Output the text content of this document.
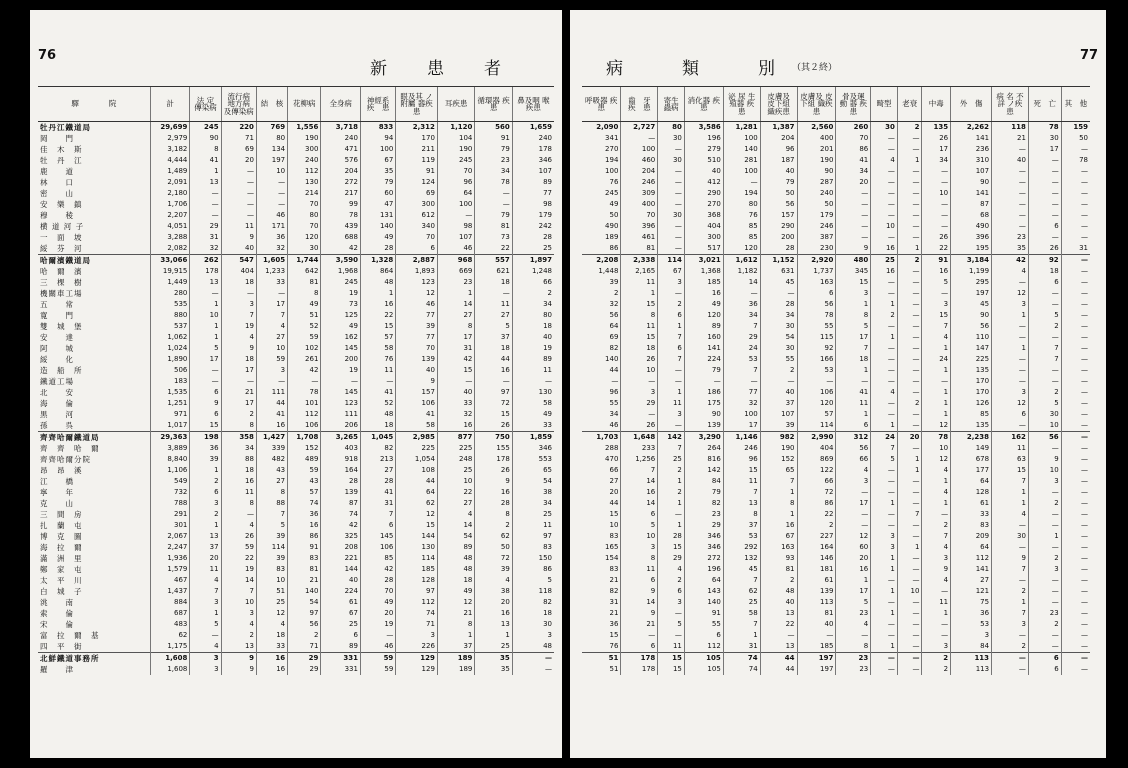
76
新　　患　　者
驛　　　　院	計	法 定 傳染病	流行病 地方病 及傳染病	結　核	花柳病	全身病	神經系 疾　患	眼及其 ノ附屬 器疾患	耳疾患	循環器 疾　患	鼻及咽 喉疾患
牡丹江鐵道局	29,699	245	220	769	1,556	3,718	833	2,312	1,120	560	1,659
岡　　門	2,979	90	71	80	190	240	94	170	104	91	240
佳　木　斯	3,182	8	69	134	300	471	100	211	190	79	178
牡　丹　江	4,444	41	20	197	240	576	67	119	245	23	346
鹿　　道	1,489	1	—	10	112	204	35	91	70	34	107
林　　口	2,091	13	—	—	130	272	79	124	96	78	89
密　　山	2,180	—	—	—	214	217	60	69	64	—	77
安　樂　鎮	1,706	—	—	—	70	99	47	300	100	—	98
穆　　稜	2,207	—	—	46	80	78	131	612	—	79	179
横 道 河 子	4,051	29	11	171	70	439	140	340	98	81	242
一　面　坡	3,288	31	9	36	120	688	49	70	107	73	28
綏　芬　河	2,082	32	40	32	30	42	28	6	46	22	25
哈爾濱鐵道局	33,066	262	547	1,605	1,744	3,590	1,328	2,887	968	557	1,897
哈　爾　濱	19,915	178	404	1,233	642	1,968	864	1,893	669	621	1,248
三　棵　樹	1,449	13	18	33	81	245	48	123	23	18	66
機關車工場	280	—	—	—	8	19	1	12	1	—	2
五　　常	535	1	3	17	49	73	16	46	14	11	34
寛　　門	880	10	7	7	51	125	22	77	27	27	80
雙　城　堡	537	1	19	4	52	49	15	39	8	5	18
安　　達	1,062	1	4	27	59	162	57	77	17	37	40
阿　　城	1,024	5	9	10	102	145	58	70	31	18	19
綏　　化	1,890	17	18	59	261	200	76	139	42	44	89
造　船　所	506	—	17	3	42	19	11	40	15	16	11
鐵道工場	183	—	—	—	—	—	—	9	—	—	—
北　　安	1,535	6	21	111	78	145	41	157	40	97	130
海　　倫	1,251	9	17	44	101	123	52	106	33	72	58
黒　　河	971	6	2	41	112	111	48	41	32	15	49
孫　　呉	1,017	15	8	16	106	206	18	58	16	26	33
齊齊哈爾鐵道局	29,363	198	358	1,427	1,708	3,265	1,045	2,985	877	750	1,859
齊　齊　哈　爾	3,889	36	34	339	152	403	82	225	225	155	346
齊齊哈爾分院	8,840	39	88	482	489	918	213	1,054	248	178	553
昂　昂　溪	1,106	1	18	43	59	164	27	108	25	26	65
江　　橋	549	2	16	27	43	28	28	44	10	9	54
寧　　年	732	6	11	8	57	139	41	64	22	16	38
克　　山	788	3	8	88	74	87	31	62	27	28	34
三　間　房	291	2	—	7	36	74	7	12	4	8	25
扎　蘭　屯	301	1	4	5	16	42	6	15	14	2	11
博　克　圖	2,067	13	26	39	86	325	145	144	54	62	97
海　拉　爾	2,247	37	59	114	91	208	106	130	89	50	83
滿　洲　里	1,936	20	22	39	83	221	85	114	48	72	150
鄭　家　屯	1,579	11	19	83	81	144	42	185	48	39	86
太　平　川	467	4	14	10	21	40	28	128	18	4	5
白　城　子	1,437	7	7	51	140	224	70	97	49	38	118
洮　　南	884	3	10	25	54	61	49	112	12	20	82
索　　倫	687	1	3	12	97	67	20	74	21	16	18
宋　　倫	483	5	4	4	56	25	19	71	8	13	30
富　拉　爾　基	62	—	2	18	2	6	—	3	1	1	3
四　平　街	1,175	4	13	33	71	89	46	226	37	25	48
北鮮鐵道事務所	1,608	3	9	16	29	331	59	129	189	35	—
羅　　津	1,608	3	9	16	29	331	59	129	189	35	—
77
病　　　類　　　別 （其２終）
呼吸器 疾　患	齒　牙 疾　患	寄生 蟲病	消化器 疾　患	泌 尿 生殖器 疾　患	皮膚及 皮下組 織疾患	皮膚及 皮下組 織疾患	骨及運 動 器 疾　患	畸型	老衰	中毒	外　傷	病 名 不 詳 ノ疾患	死　亡	其　他
2,090	2,727	80	3,586	1,281	1,387	2,560	260	30	2	135	2,262	118	78	159
341	—	30	196	100	204	400	70	—	—	26	141	21	30	50
270	100	—	279	140	96	201	86	—	—	17	236	—	17	—
194	460	30	510	281	187	190	41	4	1	34	310	40	—	78
100	204	—	40	100	40	90	34	—	—	—	107	—	—	—
76	246	—	412	—	79	287	20	—	—	—	90	—	—	—
245	309	—	290	194	50	240	—	—	—	10	141	—	—	—
49	400	—	270	80	56	50	—	—	—	—	87	—	—	—
50	70	30	368	76	157	179	—	—	—	—	68	—	—	—
490	396	—	404	85	290	246	—	10	—	—	490	—	6	—
189	461	—	300	85	200	387	—	—	—	26	396	23	—	—
86	81	—	517	120	28	230	9	16	1	22	195	35	26	31
2,208	2,338	114	3,021	1,612	1,152	2,920	480	25	2	91	3,184	42	92	—
1,448	2,165	67	1,368	1,182	631	1,737	345	16	—	16	1,199	4	18	—
39	11	3	185	14	45	163	15	—	—	5	295	—	6	—
2	1	—	16	—	—	6	3	—	—	—	197	12	—	—
32	15	2	49	36	28	56	1	1	—	3	45	3	—	—
56	8	6	120	34	34	78	8	2	—	15	90	1	5	—
64	11	1	89	7	30	55	5	—	—	7	56	—	2	—
69	15	7	160	29	54	115	17	1	—	4	110	—	—	—
82	18	6	141	24	30	92	7	—	—	1	147	1	7	—
140	26	7	224	53	55	166	18	—	—	24	225	—	7	—
44	10	—	79	7	2	53	1	—	—	1	135	—	—	—
—	—	—	—	—	—	—	—	—	—	—	170	—	—	—
96	3	1	186	77	40	106	41	4	—	1	170	3	2	—
55	29	11	175	32	37	120	11	—	2	1	126	12	5	—
34	—	3	90	100	107	57	1	—	—	1	85	6	30	—
46	26	—	139	17	39	114	6	1	—	12	135	—	10	—
1,703	1,648	142	3,290	1,146	982	2,990	312	24	20	78	2,238	162	56	—
288	233	7	264	246	190	404	56	7	—	10	149	11	—	—
470	1,256	25	816	96	152	869	66	5	1	12	678	63	9	—
66	7	2	142	15	65	122	4	—	1	4	177	15	10	—
27	14	1	84	11	7	66	3	—	—	1	64	7	3	—
20	16	2	79	7	1	72	—	—	—	4	128	1	—	—
44	14	1	82	13	8	86	17	1	—	1	61	1	2	—
15	6	—	23	8	1	22	—	—	7	—	33	4	—	—
10	5	1	29	37	16	2	—	—	—	2	83	—	—	—
83	10	28	346	53	67	227	12	3	—	7	209	30	1	—
165	3	15	346	292	163	164	60	3	1	4	64	—	—	—
154	8	29	272	132	93	146	20	1	—	3	112	9	2	—
83	11	4	196	45	81	181	16	1	—	9	141	7	3	—
21	6	2	64	7	2	61	1	—	—	4	27	—	—	—
82	9	6	143	62	48	139	17	1	10	—	121	2	—	—
31	14	3	140	25	40	113	5	—	—	11	75	1	—	—
21	9	—	91	58	13	81	23	1	—	1	36	7	23	—
36	21	5	55	7	22	40	4	—	—	—	53	3	2	—
15	—	—	6	1	—	—	—	—	—	—	3	—	—	—
76	6	11	112	31	13	185	8	1	—	3	84	2	—	—
51	178	15	105	74	44	197	23	—	—	2	113	—	6	—
51	178	15	105	74	44	197	23	—	—	2	113	—	6	—
